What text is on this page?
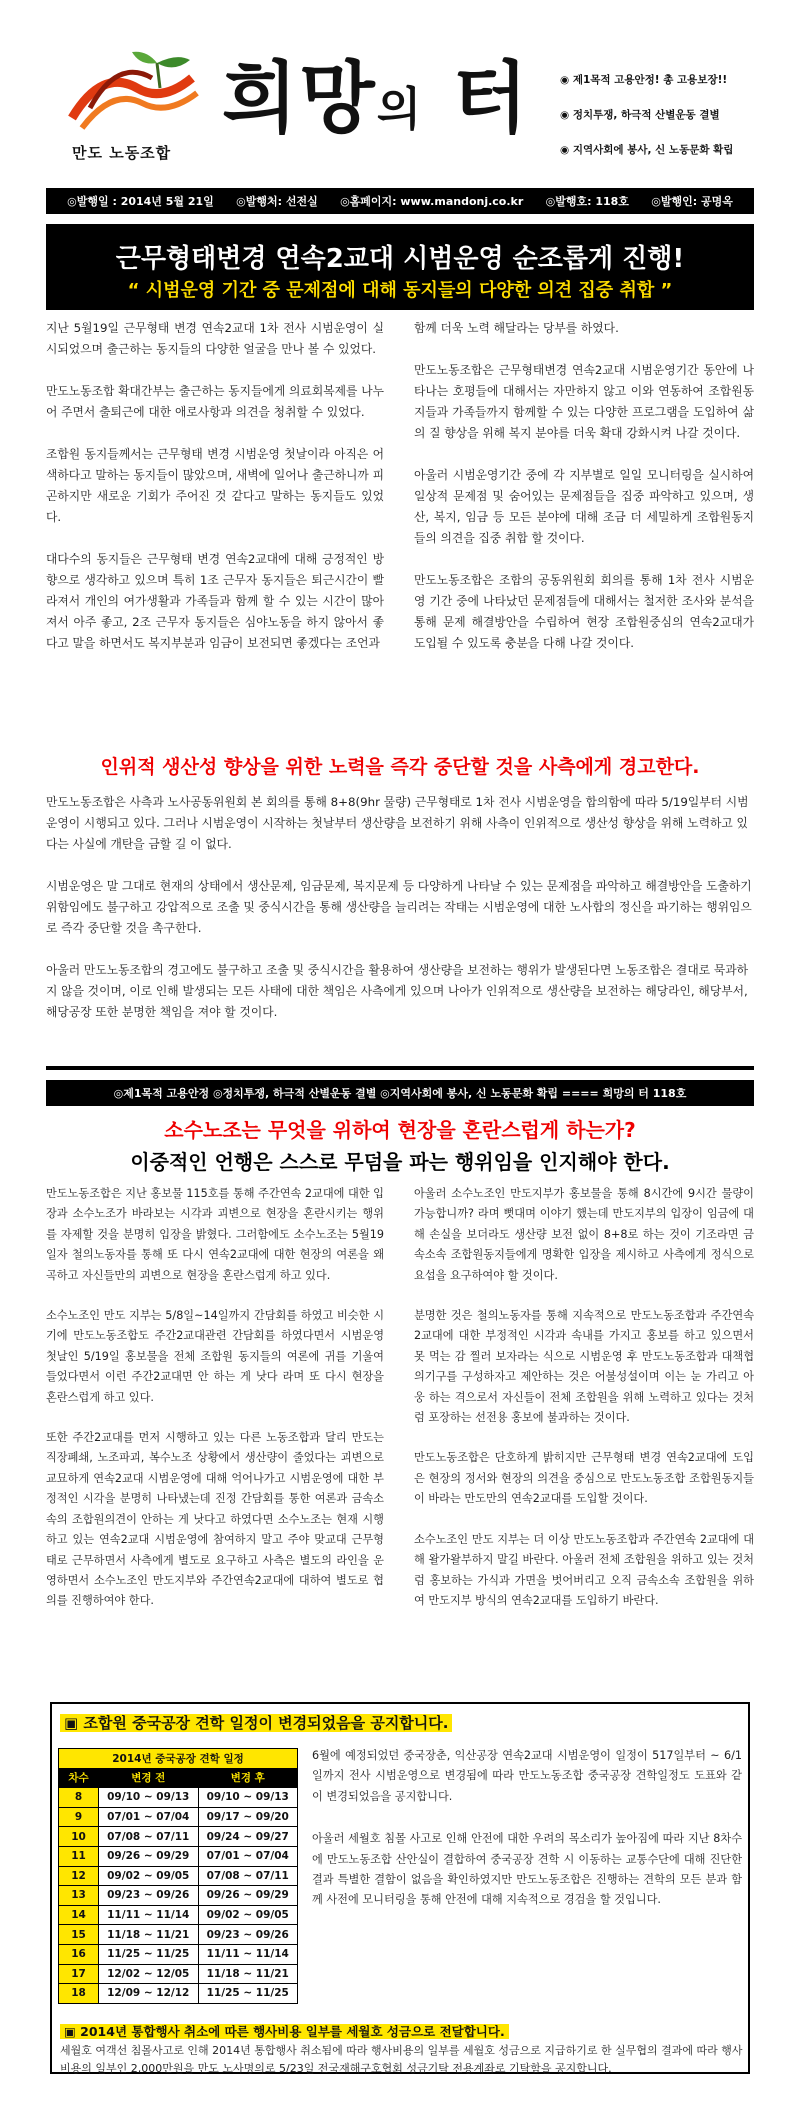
만도 노동조합
희망의 터	◉ 제1목적 고용안정! 총 고용보장!!
◉ 정치투쟁, 하극적 산별운동 결별
◉ 지역사회에 봉사, 신 노동문화 확립
◎발행일 : 2014년 5월 21일 ◎발행처: 선전실 ◎홈페이지: www.mandonj.co.kr ◎발행호: 118호 ◎발행인: 공명옥
근무형태변경 연속2교대 시범운영 순조롭게 진행!
“ 시범운영 기간 중 문제점에 대해 동지들의 다양한 의견 집중 취합 ”

지난 5월19일 근무형태 변경 연속2교대 1차 전사 시범운영이 실시되었으며 출근하는 동지들의 다양한 얼굴을 만나 볼 수 있었다.

만도노동조합 확대간부는 출근하는 동지들에게 의료회복제를 나누어 주면서 출퇴근에 대한 애로사항과 의견을 청취할 수 있었다.

조합원 동지들께서는 근무형태 변경 시범운영 첫날이라 아직은 어색하다고 말하는 동지들이 많았으며, 새벽에 일어나 출근하니까 피곤하지만 새로운 기회가 주어진 것 같다고 말하는 동지들도 있었다.

대다수의 동지들은 근무형태 변경 연속2교대에 대해 긍정적인 방향으로 생각하고 있으며 특히 1조 근무자 동지들은 퇴근시간이 빨라져서 개인의 여가생활과 가족들과 함께 할 수 있는 시간이 많아져서 아주 좋고, 2조 근무자 동지들은 심야노동을 하지 않아서 좋다고 말을 하면서도 복지부분과 임금이 보전되면 좋겠다는 조언과

함께 더욱 노력 해달라는 당부를 하였다.

만도노동조합은 근무형태변경 연속2교대 시범운영기간 동안에 나타나는 호평들에 대해서는 자만하지 않고 이와 연동하여 조합원동지들과 가족들까지 함께할 수 있는 다양한 프로그램을 도입하여 삶의 질 향상을 위해 복지 분야를 더욱 확대 강화시켜 나갈 것이다.

아울러 시범운영기간 중에 각 지부별로 일일 모니터링을 실시하여 일상적 문제점 및 숨어있는 문제점들을 집중 파악하고 있으며, 생산, 복지, 임금 등 모든 분야에 대해 조금 더 세밀하게 조합원동지들의 의견을 집중 취합 할 것이다.

만도노동조합은 조합의 공동위원회 회의를 통해 1차 전사 시범운영 기간 중에 나타났던 문제점들에 대해서는 철저한 조사와 분석을 통해 문제 해결방안을 수립하여 현장 조합원중심의 연속2교대가 도입될 수 있도록 충분을 다해 나갈 것이다.

인위적 생산성 향상을 위한 노력을 즉각 중단할 것을 사측에게 경고한다.

만도노동조합은 사측과 노사공동위원회 본 회의를 통해 8+8(9hr 물량) 근무형태로 1차 전사 시범운영을 합의함에 따라 5/19일부터 시범운영이 시행되고 있다. 그러나 시범운영이 시작하는 첫날부터 생산량을 보전하기 위해 사측이 인위적으로 생산성 향상을 위해 노력하고 있다는 사실에 개탄을 금할 길 이 없다.

시범운영은 말 그대로 현재의 상태에서 생산문제, 임금문제, 복지문제 등 다양하게 나타날 수 있는 문제점을 파악하고 해결방안을 도출하기 위함임에도 불구하고 강압적으로 조출 및 중식시간을 통해 생산량을 늘리려는 작태는 시범운영에 대한 노사합의 정신을 파기하는 행위임으로 즉각 중단할 것을 촉구한다.

아울러 만도노동조합의 경고에도 불구하고 조출 및 중식시간을 활용하여 생산량을 보전하는 행위가 발생된다면 노동조합은 결대로 묵과하지 않을 것이며, 이로 인해 발생되는 모든 사태에 대한 책임은 사측에게 있으며 나아가 인위적으로 생산량을 보전하는 해당라인, 해당부서, 해당공장 또한 분명한 책임을 져야 할 것이다.

◎제1목적 고용안정 ◎정치투쟁, 하극적 산별운동 결별 ◎지역사회에 봉사, 신 노동문화 확립 ==== 희망의 터 118호
소수노조는 무엇을 위하여 현장을 혼란스럽게 하는가?
이중적인 언행은 스스로 무덤을 파는 행위임을 인지해야 한다.

만도노동조합은 지난 홍보물 115호를 통해 주간연속 2교대에 대한 입장과 소수노조가 바라보는 시각과 괴변으로 현장을 혼란시키는 행위를 자제할 것을 분명히 입장을 밝혔다. 그러함에도 소수노조는 5월19일자 철의노동자를 통해 또 다시 연속2교대에 대한 현장의 여론을 왜곡하고 자신들만의 괴변으로 현장을 혼란스럽게 하고 있다.

소수노조인 만도 지부는 5/8일~14일까지 간담회를 하였고 비슷한 시기에 만도노동조합도 주간2교대관련 간담회를 하였다면서 시범운영 첫날인 5/19일 홍보물을 전체 조합원 동지들의 여론에 귀를 기울여 들었다면서 이런 주간2교대면 안 하는 게 낫다 라며 또 다시 현장을 혼란스럽게 하고 있다.

또한 주간2교대를 먼저 시행하고 있는 다른 노동조합과 달리 만도는 직장폐쇄, 노조파괴, 복수노조 상황에서 생산량이 줄었다는 괴변으로 교묘하게 연속2교대 시범운영에 대해 억어나가고 시범운영에 대한 부정적인 시각을 분명히 나타냈는데 진정 간담회를 통한 여론과 금속소속의 조합원의견이 안하는 게 낫다고 하였다면 소수노조는 현재 시행하고 있는 연속2교대 시범운영에 참여하지 말고 주야 맞교대 근무형태로 근무하면서 사측에게 별도로 요구하고 사측은 별도의 라인을 운영하면서 소수노조인 만도지부와 주간연속2교대에 대하여 별도로 협의를 진행하여야 한다.

아울러 소수노조인 만도지부가 홍보물을 통해 8시간에 9시간 물량이 가능합니까? 라며 뻣대며 이야기 했는데 만도지부의 입장이 임금에 대해 손실을 보더라도 생산량 보전 없이 8+8로 하는 것이 기조라면 금속소속 조합원동지들에게 명확한 입장을 제시하고 사측에게 정식으로 요섭을 요구하여야 할 것이다.

분명한 것은 철의노동자를 통해 지속적으로 만도노동조합과 주간연속2교대에 대한 부정적인 시각과 속내를 가지고 홍보를 하고 있으면서 못 먹는 감 찔러 보자라는 식으로 시범운영 후 만도노동조합과 대책협의기구를 구성하자고 제안하는 것은 어불성설이며 이는 눈 가리고 아웅 하는 격으로서 자신들이 전체 조합원을 위해 노력하고 있다는 것처럼 포장하는 선전용 홍보에 불과하는 것이다.

만도노동조합은 단호하게 밝히지만 근무형태 변경 연속2교대에 도입은 현장의 정서와 현장의 의견을 중심으로 만도노동조합 조합원동지들이 바라는 만도만의 연속2교대를 도입할 것이다.

소수노조인 만도 지부는 더 이상 만도노동조합과 주간연속 2교대에 대해 왈가왈부하지 말길 바란다. 아울러 전체 조합원을 위하고 있는 것처럼 홍보하는 가식과 가면을 벗어버리고 오직 금속소속 조합원을 위하여 만도지부 방식의 연속2교대를 도입하기 바란다.

▣ 조합원 중국공장 견학 일정이 변경되었음을 공지합니다.
2014년 중국공장 견학 일정		
차수	변경 전	변경 후
8	09/10 ~ 09/13	09/10 ~ 09/13
9	07/01 ~ 07/04	09/17 ~ 09/20
10	07/08 ~ 07/11	09/24 ~ 09/27
11	09/26 ~ 09/29	07/01 ~ 07/04
12	09/02 ~ 09/05	07/08 ~ 07/11
13	09/23 ~ 09/26	09/26 ~ 09/29
14	11/11 ~ 11/14	09/02 ~ 09/05
15	11/18 ~ 11/21	09/23 ~ 09/26
16	11/25 ~ 11/25	11/11 ~ 11/14
17	12/02 ~ 12/05	11/18 ~ 11/21
18	12/09 ~ 12/12	11/25 ~ 11/25

6월에 예정되었던 중국장춘, 익산공장 연속2교대 시범운영이 일정이 517일부터 ~ 6/1일까지 전사 시범운영으로 변경됨에 따라 만도노동조합 중국공장 견학일정도 도표와 같이 변경되었음을 공지합니다.

아울러 세월호 침몰 사고로 인해 안전에 대한 우려의 목소리가 높아짐에 따라 지난 8차수에 만도노동조합 산안실이 결합하여 중국공장 견학 시 이동하는 교통수단에 대해 진단한 결과 특별한 결함이 없음을 확인하였지만 만도노동조합은 진행하는 견학의 모든 분과 함께 사전에 모니터링을 통해 안전에 대해 지속적으로 경검을 할 것입니다.

▣ 2014년 통합행사 취소에 따른 행사비용 일부를 세월호 성금으로 전달합니다.
세월호 여객선 침몰사고로 인해 2014년 통합행사 취소됨에 따라 행사비용의 일부를 세월호 성금으로 지급하기로 한 실무협의 결과에 따라 행사비용의 일부인 2,000만원을 만도 노사명의로 5/23일 전국재해구호협회 성금기탁 전용계좌로 기탁함을 공지합니다.
